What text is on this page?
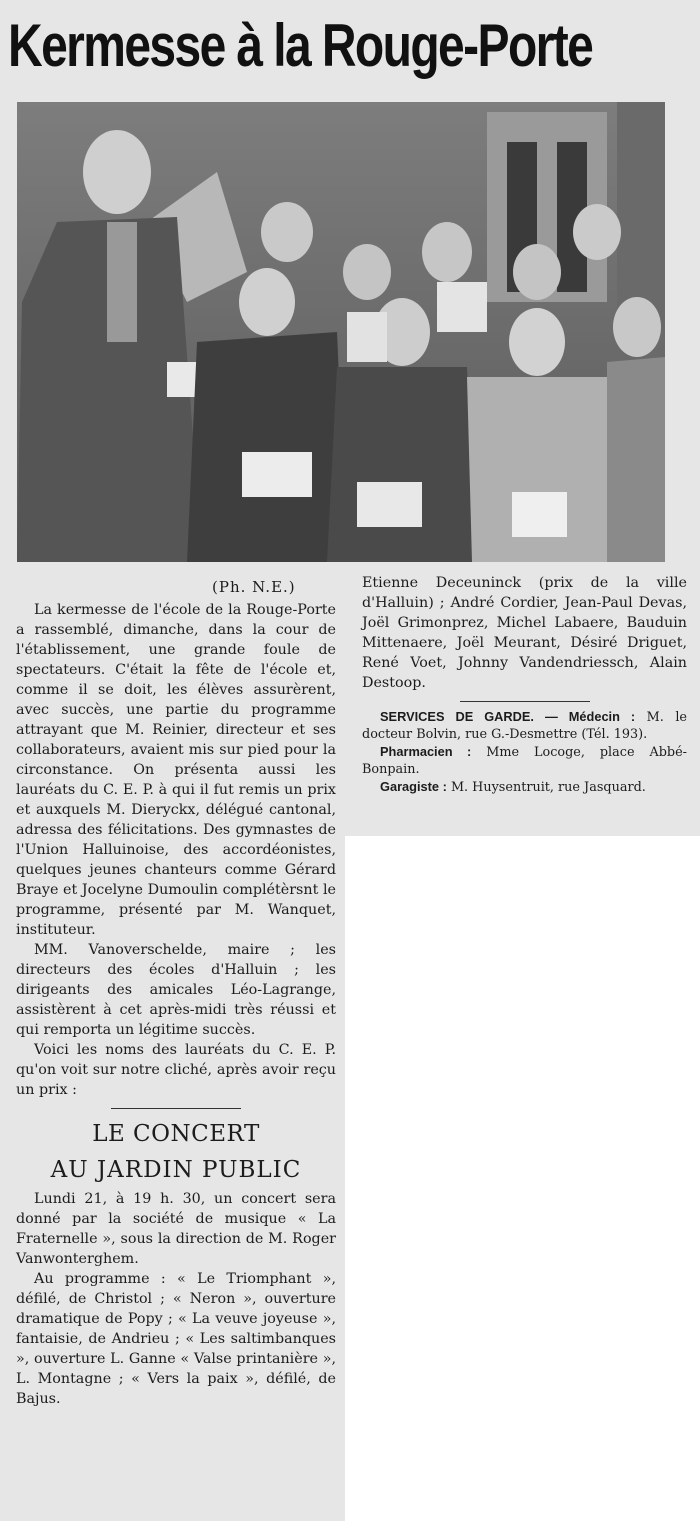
Kermesse à la Rouge-Porte
(Ph. N.E.)

La kermesse de l'école de la Rouge-Porte a rassemblé, dimanche, dans la cour de l'établissement, une grande foule de spectateurs. C'était la fête de l'école et, comme il se doit, les élèves assurèrent, avec succès, une partie du programme attrayant que M. Reinier, directeur et ses collaborateurs, avaient mis sur pied pour la circonstance. On présenta aussi les lauréats du C. E. P. à qui il fut remis un prix et auxquels M. Dieryckx, délégué cantonal, adressa des félicitations. Des gymnastes de l'Union Halluinoise, des accordéonistes, quelques jeunes chanteurs comme Gérard Braye et Jocelyne Dumoulin complétèrsnt le programme, présenté par M. Wanquet, instituteur.

MM. Vanoverschelde, maire ; les directeurs des écoles d'Halluin ; les dirigeants des amicales Léo-Lagrange, assistèrent à cet après-midi très réussi et qui remporta un légitime succès.

Voici les noms des lauréats du C. E. P. qu'on voit sur notre cliché, après avoir reçu un prix :

LE CONCERT
AU JARDIN PUBLIC

Lundi 21, à 19 h. 30, un concert sera donné par la société de musique « La Fraternelle », sous la direction de M. Roger Vanwonterghem.

Au programme : « Le Triomphant », défilé, de Christol ; « Neron », ouverture dramatique de Popy ; « La veuve joyeuse », fantaisie, de Andrieu ; « Les saltimbanques », ouverture L. Ganne « Valse printanière », L. Montagne ; « Vers la paix », défilé, de Bajus.

Etienne Deceuninck (prix de la ville d'Halluin) ; André Cordier, Jean-Paul Devas, Joël Grimonprez, Michel Labaere, Bauduin Mittenaere, Joël Meurant, Désiré Driguet, René Voet, Johnny Vandendriessch, Alain Destoop.

SERVICES DE GARDE. — Médecin : M. le docteur Bolvin, rue G.-Desmettre (Tél. 193).

Pharmacien : Mme Locoge, place Abbé-Bonpain.

Garagiste : M. Huysentruit, rue Jasquard.
